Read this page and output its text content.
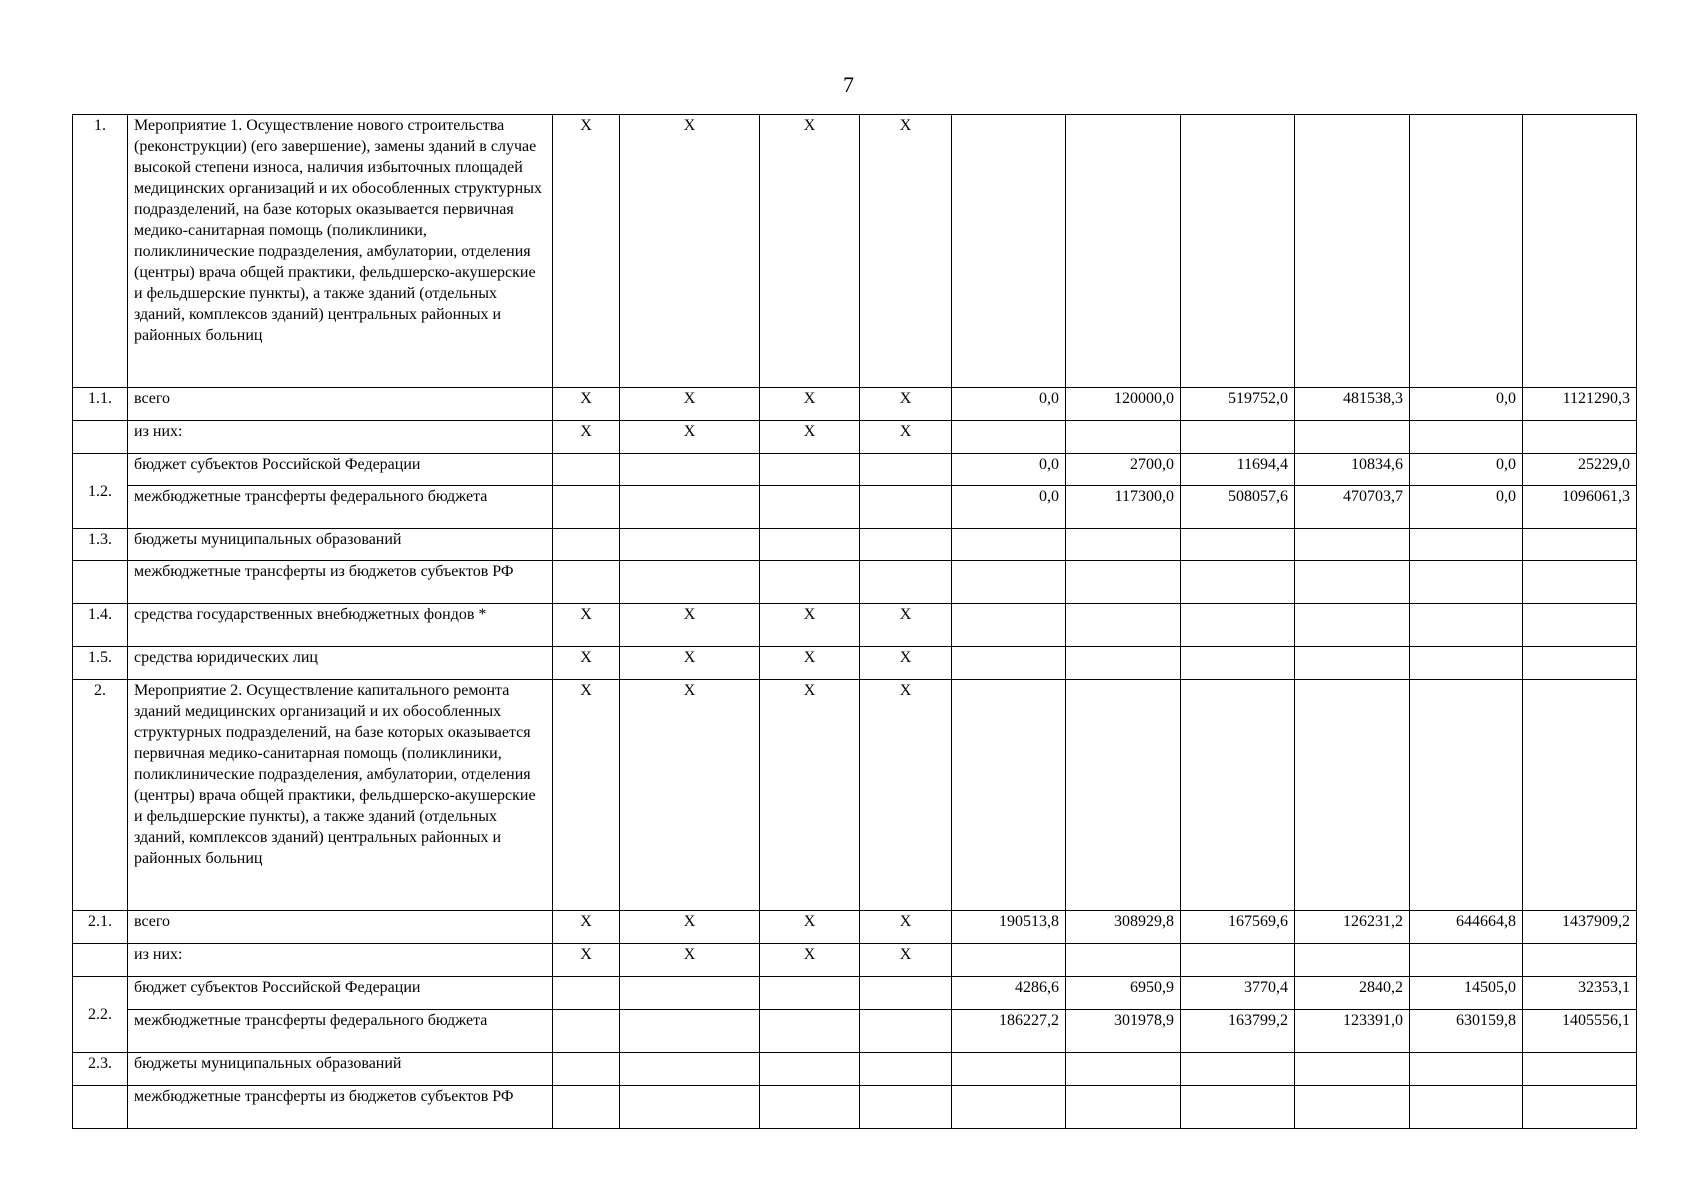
7
1.	Мероприятие 1. Осуществление нового строительства (реконструкции) (его завершение), замены зданий в случае высокой степени износа, наличия избыточных площадей медицинских организаций и их обособленных структурных подразделений, на базе которых оказывается первичная медико-санитарная помощь (поликлиники, поликлинические подразделения, амбулатории, отделения (центры) врача общей практики, фельдшерско-акушерские и фельдшерские пункты), а также зданий (отдельных зданий, комплексов зданий) центральных районных и районных больниц	X	X	X	X						
1.1.	всего	X	X	X	X	0,0	120000,0	519752,0	481538,3	0,0	1121290,3
	из них:	X	X	X	X						
1.2.	бюджет субъектов Российской Федерации					0,0	2700,0	11694,4	10834,6	0,0	25229,0
	межбюджетные трансферты федерального бюджета					0,0	117300,0	508057,6	470703,7	0,0	1096061,3
1.3.	бюджеты муниципальных образований										
	межбюджетные трансферты из бюджетов субъектов РФ										
1.4.	средства государственных внебюджетных фондов *	X	X	X	X						
1.5.	средства юридических лиц	X	X	X	X						
2.	Мероприятие 2. Осуществление капитального ремонта зданий медицинских организаций и их обособленных структурных подразделений, на базе которых оказывается первичная медико-санитарная помощь (поликлиники, поликлинические подразделения, амбулатории, отделения (центры) врача общей практики, фельдшерско-акушерские и фельдшерские пункты), а также зданий (отдельных зданий, комплексов зданий) центральных районных и районных больниц	X	X	X	X						
2.1.	всего	X	X	X	X	190513,8	308929,8	167569,6	126231,2	644664,8	1437909,2
	из них:	X	X	X	X						
2.2.	бюджет субъектов Российской Федерации					4286,6	6950,9	3770,4	2840,2	14505,0	32353,1
	межбюджетные трансферты федерального бюджета					186227,2	301978,9	163799,2	123391,0	630159,8	1405556,1
2.3.	бюджеты муниципальных образований										
	межбюджетные трансферты из бюджетов субъектов РФ										
